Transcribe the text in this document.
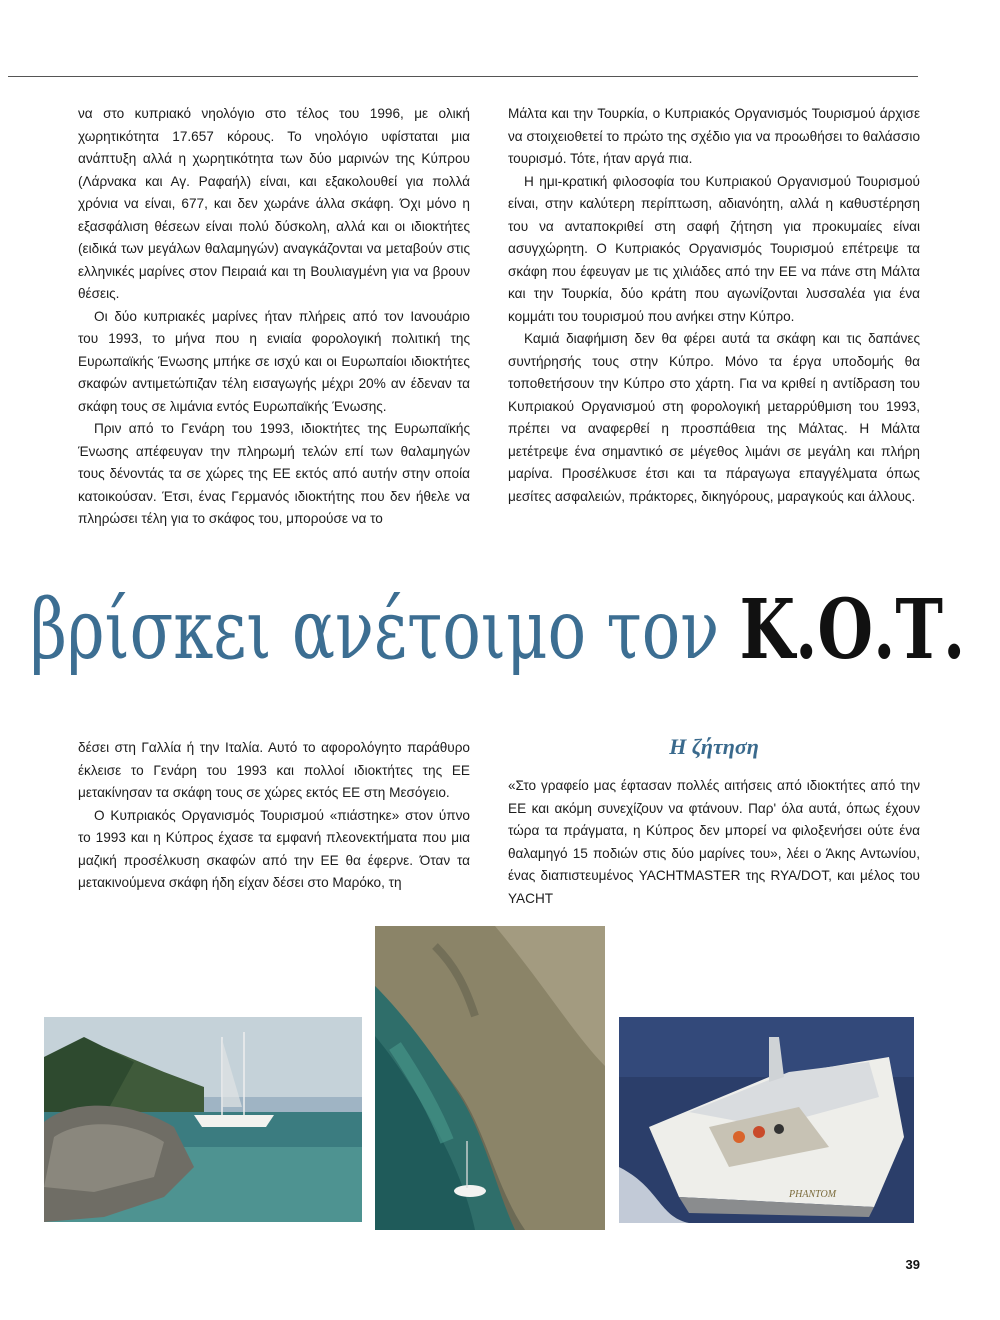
να στο κυπριακό νηολόγιο στο τέλος του 1996, με ολική χωρητικότητα 17.657 κόρους. Το νηολόγιο υφίσταται μια ανάπτυξη αλλά η χωρητικότητα των δύο μαρινών της Κύπρου (Λάρνακα και Αγ. Ραφαήλ) είναι, και εξακολουθεί για πολλά χρόνια να είναι, 677, και δεν χωράνε άλλα σκάφη. Όχι μόνο η εξασφάλιση θέσεων είναι πολύ δύσκολη, αλλά και οι ιδιοκτήτες (ειδικά των μεγάλων θαλαμηγών) αναγκάζονται να μεταβούν στις ελληνικές μαρίνες στον Πειραιά και τη Βουλιαγμένη για να βρουν θέσεις.

Οι δύο κυπριακές μαρίνες ήταν πλήρεις από τον Ιανουάριο του 1993, το μήνα που η ενιαία φορολογική πολιτική της Ευρωπαϊκής Ένωσης μπήκε σε ισχύ και οι Ευρωπαίοι ιδιοκτήτες σκαφών αντιμετώπιζαν τέλη εισαγωγής μέχρι 20% αν έδεναν τα σκάφη τους σε λιμάνια εντός Ευρωπαϊκής Ένωσης.

Πριν από το Γενάρη του 1993, ιδιοκτήτες της Ευρωπαϊκής Ένωσης απέφευγαν την πληρωμή τελών επί των θαλαμηγών τους δένοντάς τα σε χώρες της ΕΕ εκτός από αυτήν στην οποία κατοικούσαν. Έτσι, ένας Γερμανός ιδιοκτήτης που δεν ήθελε να πληρώσει τέλη για το σκάφος του, μπορούσε να το

Μάλτα και την Τουρκία, ο Κυπριακός Οργανισμός Τουρισμού άρχισε να στοιχειοθετεί το πρώτο της σχέδιο για να προωθήσει το θαλάσσιο τουρισμό. Τότε, ήταν αργά πια.

Η ημι-κρατική φιλοσοφία του Κυπριακού Οργανισμού Τουρισμού είναι, στην καλύτερη περίπτωση, αδιανόητη, αλλά η καθυστέρηση του να ανταποκριθεί στη σαφή ζήτηση για προκυμαίες είναι ασυγχώρητη. Ο Κυπριακός Οργανισμός Τουρισμού επέτρεψε τα σκάφη που έφευγαν με τις χιλιάδες από την ΕΕ να πάνε στη Μάλτα και την Τουρκία, δύο κράτη που αγωνίζονται λυσσαλέα για ένα κομμάτι του τουρισμού που ανήκει στην Κύπρο.

Καμιά διαφήμιση δεν θα φέρει αυτά τα σκάφη και τις δαπάνες συντήρησής τους στην Κύπρο. Μόνο τα έργα υποδομής θα τοποθετήσουν την Κύπρο στο χάρτη. Για να κριθεί η αντίδραση του Κυπριακού Οργανισμού στη φορολογική μεταρρύθμιση του 1993, πρέπει να αναφερθεί η προσπάθεια της Μάλτας. Η Μάλτα μετέτρεψε ένα σημαντικό σε μέγεθος λιμάνι σε μεγάλη και πλήρη μαρίνα. Προσέλκυσε έτσι και τα πάραγωγα επαγγέλματα όπως μεσίτες ασφαλειών, πράκτορες, δικηγόρους, μαραγκούς και άλλους.

βρίσκει ανέτοιμο τον Κ.Ο.Τ.

δέσει στη Γαλλία ή την Ιταλία. Αυτό το αφορολόγητο παράθυρο έκλεισε το Γενάρη του 1993 και πολλοί ιδιοκτήτες της ΕΕ μετακίνησαν τα σκάφη τους σε χώρες εκτός ΕΕ στη Μεσόγειο.

Ο Κυπριακός Οργανισμός Τουρισμού «πιάστηκε» στον ύπνο το 1993 και η Κύπρος έχασε τα εμφανή πλεονεκτήματα που μια μαζική προσέλκυση σκαφών από την ΕΕ θα έφερνε. Όταν τα μετακινούμενα σκάφη ήδη είχαν δέσει στο Μαρόκο, τη

Η ζήτηση

«Στο γραφείο μας έφτασαν πολλές αιτήσεις από ιδιοκτήτες από την ΕΕ και ακόμη συνεχίζουν να φτάνουν. Παρ' όλα αυτά, όπως έχουν τώρα τα πράγματα, η Κύπρος δεν μπορεί να φιλοξενήσει ούτε ένα θαλαμηγό 15 ποδιών στις δύο μαρίνες του», λέει ο Άκης Αντωνίου, ένας διαπιστευμένος YACHTMASTER της RYA/DOT, και μέλος του YACHT

PHANTOM
39
